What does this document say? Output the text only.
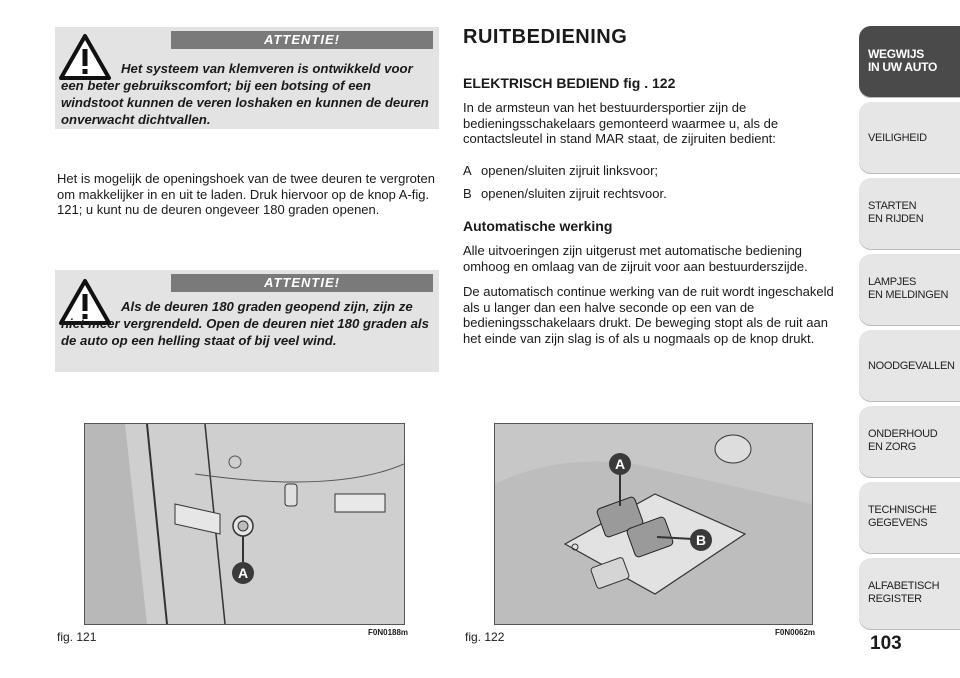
ATTENTIE!
Het systeem van klemveren is ontwikkeld voor een beter gebruikscomfort; bij een botsing of een windstoot kunnen de veren loshaken en kunnen de deuren onverwacht dichtvallen.
Het is mogelijk de openingshoek van de twee deuren te vergroten om makkelijker in en uit te laden. Druk hiervoor op de knop A-fig. 121; u kunt nu de deuren ongeveer 180 graden openen.
ATTENTIE!
Als de deuren 180 graden geopend zijn, zijn ze niet meer vergrendeld. Open de deuren niet 180 graden als de auto op een helling staat of bij veel wind.
RUITBEDIENING
ELEKTRISCH BEDIEND fig . 122
In de armsteun van het bestuurdersportier zijn de bedieningsschakelaars gemonteerd waarmee u, als de contactsleutel in stand MAR staat, de zijruiten bedient:
A openen/sluiten zijruit linksvoor;
B openen/sluiten zijruit rechtsvoor.
Automatische werking
Alle uitvoeringen zijn uitgerust met automatische bediening omhoog en omlaag van de zijruit voor aan bestuurderszijde.
De automatisch continue werking van de ruit wordt ingeschakeld als u langer dan een halve seconde op een van de bedieningsschakelaars drukt. De beweging stopt als de ruit aan het einde van zijn slag is of als u nogmaals op de knop drukt.
A
fig. 121	F0N0188m
A
B
fig. 122	F0N0062m
WEGWIJS
IN UW AUTO
VEILIGHEID
STARTEN
EN RIJDEN
LAMPJES
EN MELDINGEN
NOODGEVALLEN
ONDERHOUD
EN ZORG
TECHNISCHE
GEGEVENS
ALFABETISCH
REGISTER
103
